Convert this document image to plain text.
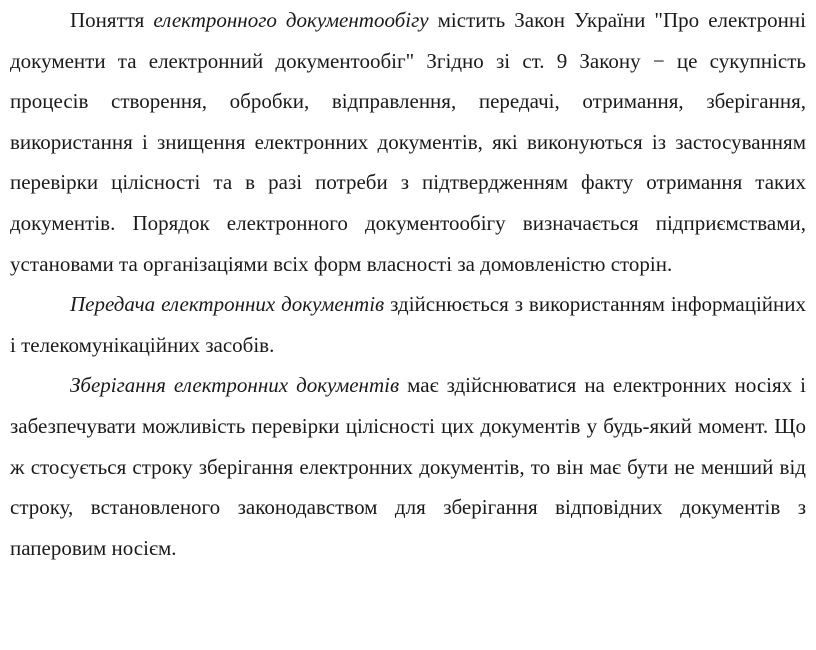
Поняття електронного документообігу містить Закон України "Про електронні документи та електронний документообіг" Згідно зі ст. 9 Закону − це сукупність процесів створення, обробки, відправлення, передачі, отримання, зберігання, використання і знищення електронних документів, які виконуються із застосуванням перевірки цілісності та в разі потреби з підтвердженням факту отримання таких документів. Порядок електронного документообігу визначається підприємствами, установами та організаціями всіх форм власності за домовленістю сторін.

Передача електронних документів здійснюється з використанням інформаційних і телекомунікаційних засобів.

Зберігання електронних документів має здійснюватися на електронних носіях і забезпечувати можливість перевірки цілісності цих документів у будь-який момент. Що ж стосується строку зберігання електронних документів, то він має бути не менший від строку, встановленого законодавством для зберігання відповідних документів з паперовим носієм.
